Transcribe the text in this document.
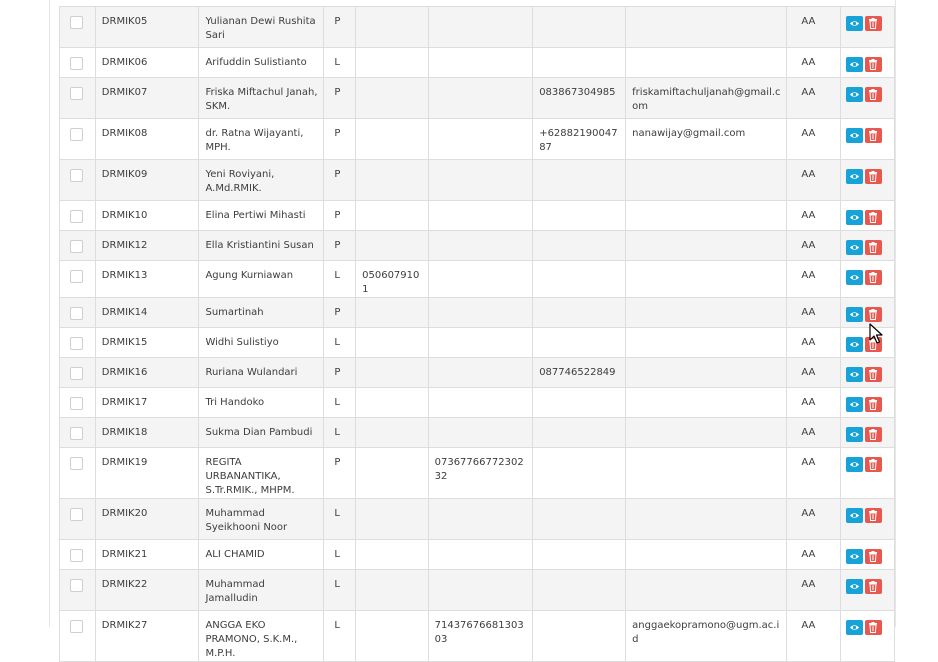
	DRMIK05	Yulianan Dewi Rushita Sari	P					AA	

	DRMIK06	Arifuddin Sulistianto	L					AA	

	DRMIK07	Friska Miftachul Janah, SKM.	P			083867304985	friskamiftachuljanah@gmail.com	AA	

	DRMIK08	dr. Ratna Wijayanti, MPH.	P			+6288219004787	nanawijay@gmail.com	AA	

	DRMIK09	Yeni Roviyani, A.Md.RMIK.	P					AA	

	DRMIK10	Elina Pertiwi Mihasti	P					AA	

	DRMIK12	Ella Kristiantini Susan	P					AA	

	DRMIK13	Agung Kurniawan	L	0506079101				AA	

	DRMIK14	Sumartinah	P					AA	

	DRMIK15	Widhi Sulistiyo	L					AA	

	DRMIK16	Ruriana Wulandari	P			087746522849		AA	

	DRMIK17	Tri Handoko	L					AA	

	DRMIK18	Sukma Dian Pambudi	L					AA	

	DRMIK19	REGITA URBANANTIKA, S.Tr.RMIK., MHPM.	P		0736776677230232			AA	

	DRMIK20	Muhammad Syeikhooni Noor	L					AA	

	DRMIK21	ALI CHAMID	L					AA	

	DRMIK22	Muhammad Jamalludin	L					AA	

	DRMIK27	ANGGA EKO PRAMONO, S.K.M., M.P.H.	L		7143767668130303		anggaekopramono@ugm.ac.id	AA	
